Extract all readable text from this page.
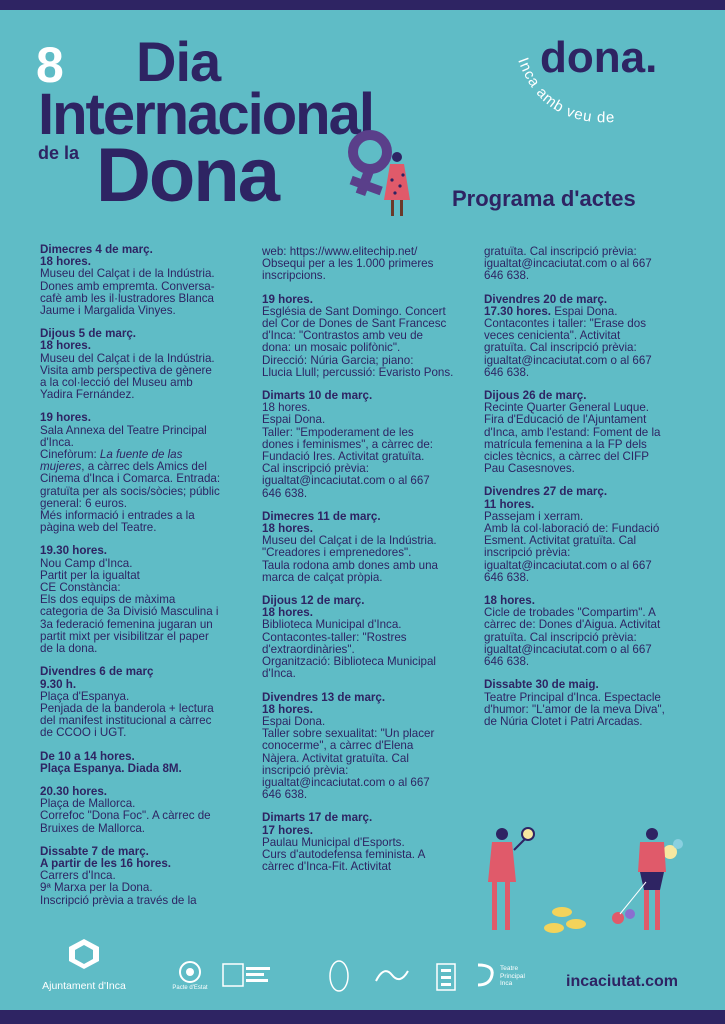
8 Dia
Internacional
de la Dona
dona.
Inca amb veu de
Programa d'actes
Dimecres 4 de març.
18 hores.
Museu del Calçat i de la Indústria.
Dones amb empremta. Conversa-
cafè amb les il·lustradores Blanca
Jaume i Margalida Vinyes.
Dijous 5 de març.
18 hores.
Museu del Calçat i de la Indústria.
Visita amb perspectiva de gènere
a la col·lecció del Museu amb
Yadira Fernández.
19 hores.
Sala Annexa del Teatre Principal
d'Inca.
Cinefòrum: La fuente de las
mujeres, a càrrec dels Amics del
Cinema d'Inca i Comarca. Entrada:
gratuïta per als socis/sòcies; públic
general: 6 euros.
Més informació i entrades a la
pàgina web del Teatre.
19.30 hores.
Nou Camp d'Inca.
Partit per la igualtat
CE Constància:
Els dos equips de màxima
categoria de 3a Divisió Masculina i
3a federació femenina jugaran un
partit mixt per visibilitzar el paper
de la dona.
Divendres 6 de març
9.30 h.
Plaça d'Espanya.
Penjada de la banderola + lectura
del manifest institucional a càrrec
de CCOO i UGT.
De 10 a 14 hores.
Plaça Espanya. Diada 8M.
20.30 hores.
Plaça de Mallorca.
Correfoc "Dona Foc". A càrrec de
Bruixes de Mallorca.
Dissabte 7 de març.
A partir de les 16 hores.
Carrers d'Inca.
9ª Marxa per la Dona.
Inscripció prèvia a través de la
web: https://www.elitechip.net/
Obsequi per a les 1.000 primeres
inscripcions.
19 hores.
Església de Sant Domingo. Concert
del Cor de Dones de Sant Francesc
d'Inca: "Contrastos amb veu de
dona: un mosaic polifònic".
Direcció: Núria Garcia; piano:
Llucia Llull; percussió: Evaristo Pons.
Dimarts 10 de març.
18 hores.
Espai Dona.
Taller: "Empoderament de les
dones i feminismes", a càrrec de:
Fundació Ires. Activitat gratuïta.
Cal inscripció prèvia:
igualtat@incaciutat.com o al 667
646 638.
Dimecres 11 de març.
18 hores.
Museu del Calçat i de la Indústria.
"Creadores i emprenedores".
Taula rodona amb dones amb una
marca de calçat pròpia.
Dijous 12 de març.
18 hores.
Biblioteca Municipal d'Inca.
Contacontes-taller: "Rostres
d'extraordinàries".
Organització: Biblioteca Municipal
d'Inca.
Divendres 13 de març.
18 hores.
Espai Dona.
Taller sobre sexualitat: "Un placer
conocerme", a càrrec d'Elena
Nàjera. Activitat gratuïta. Cal
inscripció prèvia:
igualtat@incaciutat.com o al 667
646 638.
Dimarts 17 de març.
17 hores.
Paulau Municipal d'Esports.
Curs d'autodefensa feminista. A
càrrec d'Inca-Fit. Activitat
gratuïta. Cal inscripció prèvia:
igualtat@incaciutat.com o al 667
646 638.
Divendres 20 de març.
17.30 hores. Espai Dona.
Contacontes i taller: "Erase dos
veces cenicienta". Activitat
gratuïta. Cal inscripció prèvia:
igualtat@incaciutat.com o al 667
646 638.
Dijous 26 de març.
Recinte Quarter General Luque.
Fira d'Educació de l'Ajuntament
d'Inca, amb l'estand: Foment de la
matrícula femenina a la FP dels
cicles tècnics, a càrrec del CIFP
Pau Casesnoves.
Divendres 27 de març.
11 hores.
Passejam i xerram.
Amb la col·laboració de: Fundació
Esment. Activitat gratuïta. Cal
inscripció prèvia:
igualtat@incaciutat.com o al 667
646 638.
18 hores.
Cicle de trobades "Compartim". A
càrrec de: Dones d'Aigua. Activitat
gratuïta. Cal inscripció prèvia:
igualtat@incaciutat.com o al 667
646 638.
Dissabte 30 de maig.
Teatre Principal d'Inca. Espectacle
d'humor: "L'amor de la meva Diva",
de Núria Clotet i Patri Arcadas.
Ajuntament d'Inca	Pacte d'Estat
Teatre
Principal
Inca	incaciutat.com
